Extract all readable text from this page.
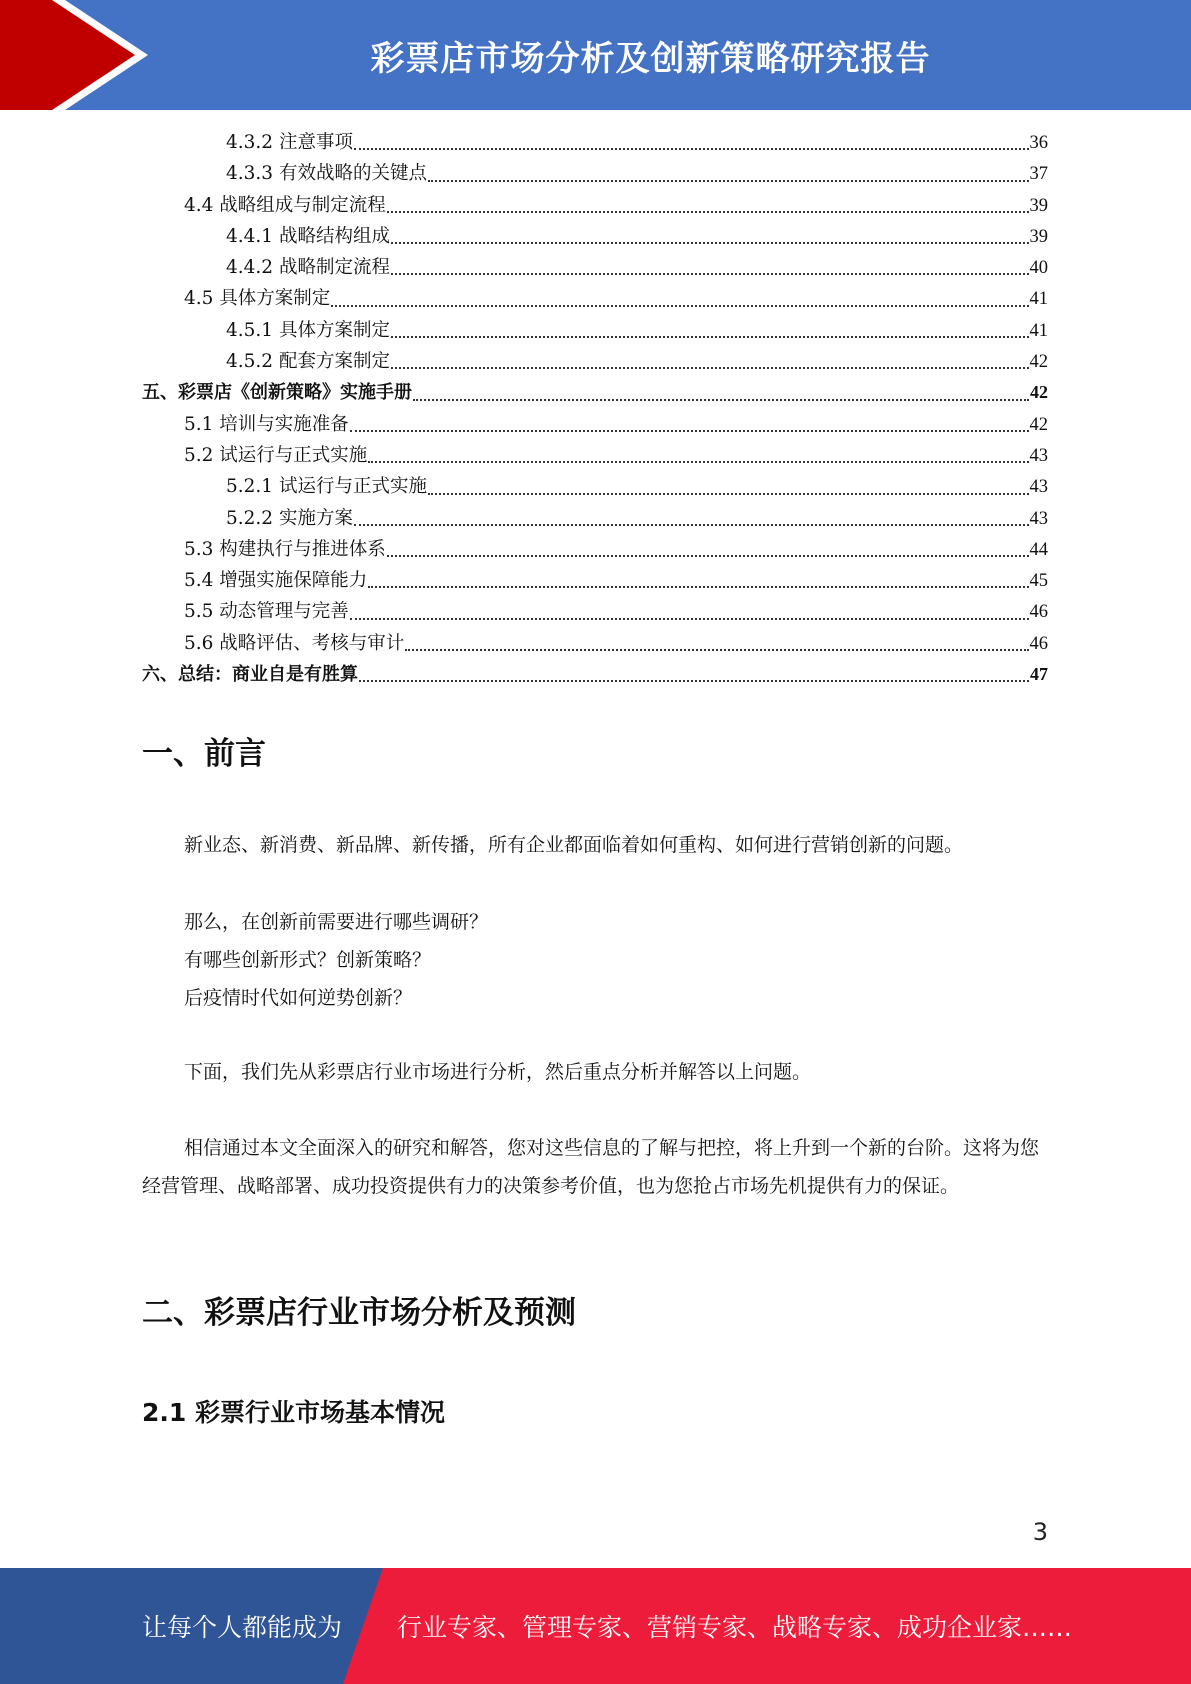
彩票店市场分析及创新策略研究报告
4.3.2 注意事项	36
4.3.3 有效战略的关键点	37
4.4 战略组成与制定流程	39
4.4.1 战略结构组成	39
4.4.2 战略制定流程	40
4.5 具体方案制定	41
4.5.1 具体方案制定	41
4.5.2 配套方案制定	42
五、彩票店《创新策略》实施手册	42
5.1 培训与实施准备	42
5.2 试运行与正式实施	43
5.2.1 试运行与正式实施	43
5.2.2 实施方案	43
5.3 构建执行与推进体系	44
5.4 增强实施保障能力	45
5.5 动态管理与完善	46
5.6 战略评估、考核与审计	46
六、总结：商业自是有胜算	47
一、前言

新业态、新消费、新品牌、新传播，所有企业都面临着如何重构、如何进行营销创新的问题。

那么，在创新前需要进行哪些调研？

有哪些创新形式？创新策略？

后疫情时代如何逆势创新？

下面，我们先从彩票店行业市场进行分析，然后重点分析并解答以上问题。

相信通过本文全面深入的研究和解答，您对这些信息的了解与把控，将上升到一个新的台阶。这将为您经营管理、战略部署、成功投资提供有力的决策参考价值，也为您抢占市场先机提供有力的保证。

二、彩票店行业市场分析及预测
2.1 彩票行业市场基本情况
3
让每个人都能成为 行业专家、管理专家、营销专家、战略专家、成功企业家……
